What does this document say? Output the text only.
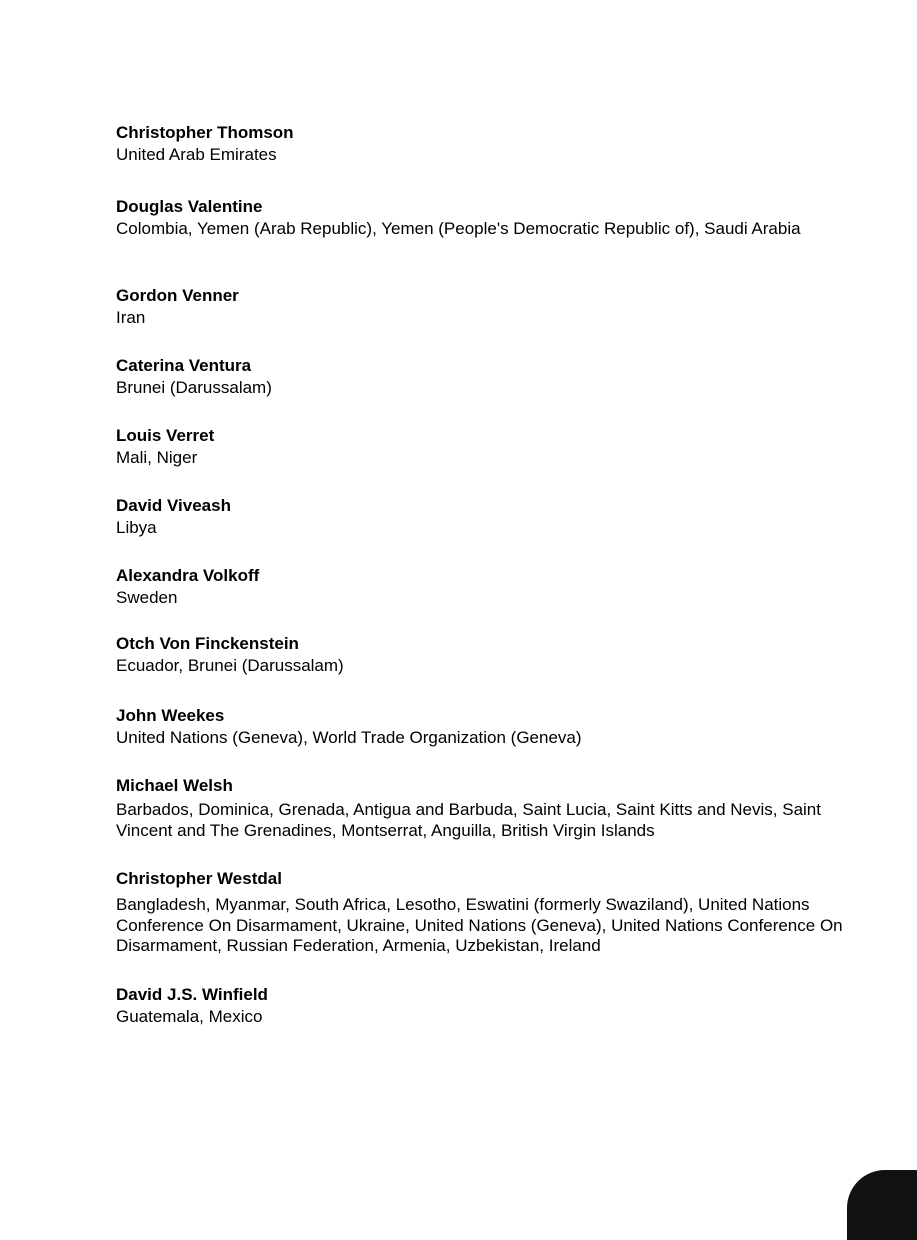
Christopher Thomson

United Arab Emirates

Douglas Valentine

Colombia, Yemen (Arab Republic), Yemen (People's Democratic Republic of), Saudi Arabia

Gordon Venner

Iran

Caterina Ventura

Brunei (Darussalam)

Louis Verret

Mali, Niger

David Viveash

Libya

Alexandra Volkoff

Sweden

Otch Von Finckenstein

Ecuador, Brunei (Darussalam)

John Weekes

United Nations (Geneva), World Trade Organization (Geneva)

Michael Welsh

Barbados, Dominica, Grenada, Antigua and Barbuda, Saint Lucia, Saint Kitts and Nevis, Saint Vincent and The Grenadines, Montserrat, Anguilla, British Virgin Islands

Christopher Westdal

Bangladesh, Myanmar, South Africa, Lesotho, Eswatini (formerly Swaziland), United Nations Conference On Disarmament, Ukraine, United Nations (Geneva), United Nations Conference On Disarmament, Russian Federation, Armenia, Uzbekistan, Ireland

David J.S. Winfield

Guatemala, Mexico
